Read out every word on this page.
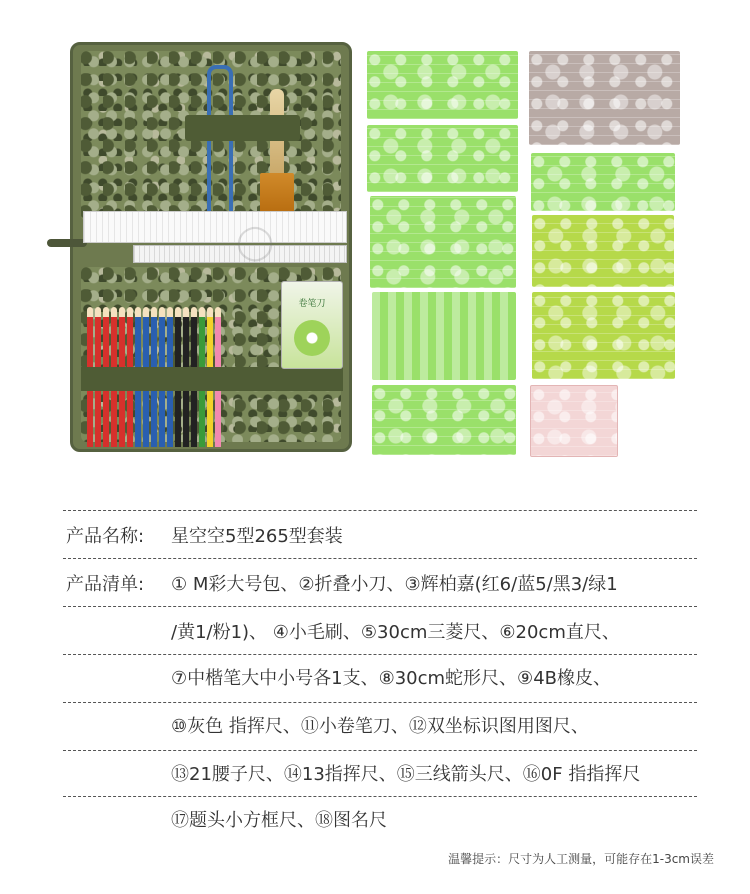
卷笔刀
◯
产品名称: 星空空5型265型套装
产品清单: ① M彩大号包、②折叠小刀、③辉柏嘉(红6/蓝5/黑3/绿1
/黄1/粉1)、 ④小毛刷、⑤30cm三菱尺、⑥20cm直尺、
⑦中楷笔大中小号各1支、⑧30cm蛇形尺、⑨4B橡皮、
⑩灰色 指挥尺、⑪小卷笔刀、⑫双坐标识图用图尺、
⑬21腰子尺、⑭13指挥尺、⑮三线箭头尺、⑯0F 指指挥尺
⑰题头小方框尺、⑱图名尺
温馨提示：尺寸为人工测量，可能存在1-3cm误差
